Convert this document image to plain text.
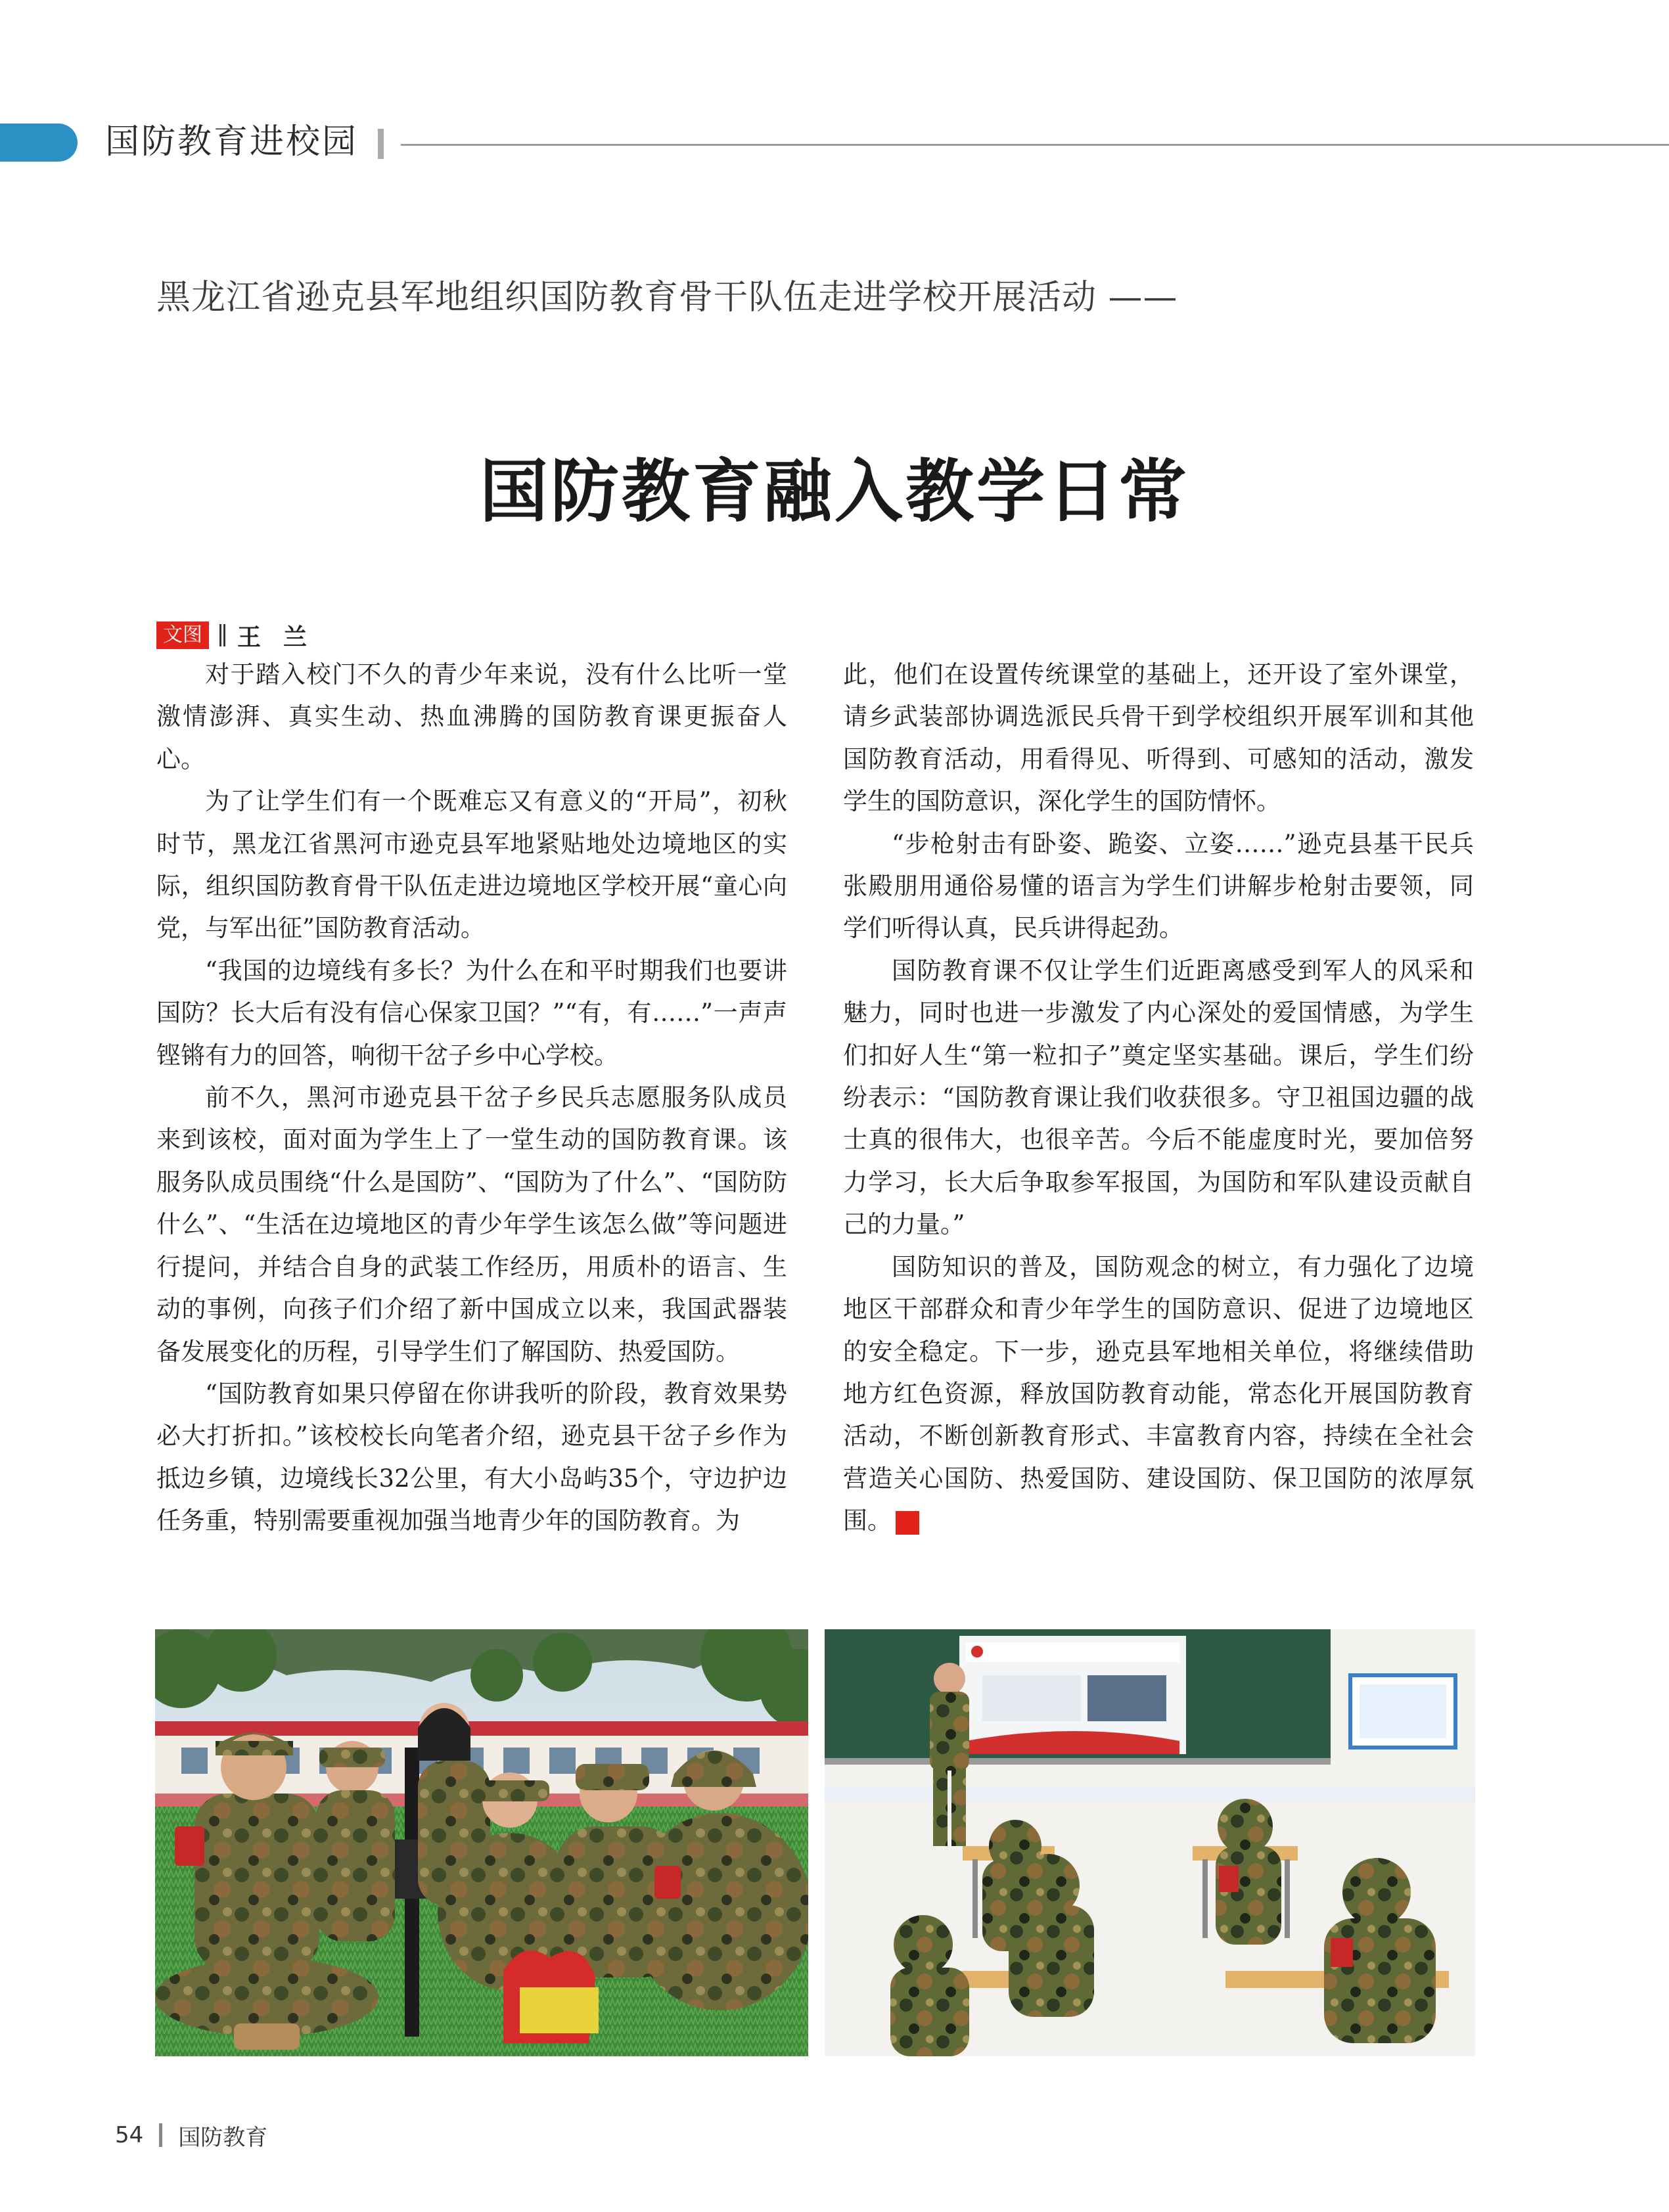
国防教育进校园
黑龙江省逊克县军地组织国防教育骨干队伍走进学校开展活动 ——
国防教育融入教学日常
文图 王兰

对于踏入校门不久的青少年来说，没有什么比听一堂激情澎湃、真实生动、热血沸腾的国防教育课更振奋人心。

为了让学生们有一个既难忘又有意义的“开局”，初秋时节，黑龙江省黑河市逊克县军地紧贴地处边境地区的实际，组织国防教育骨干队伍走进边境地区学校开展“童心向党，与军出征”国防教育活动。

“我国的边境线有多长？为什么在和平时期我们也要讲国防？长大后有没有信心保家卫国？”“有，有……”一声声铿锵有力的回答，响彻干岔子乡中心学校。

前不久，黑河市逊克县干岔子乡民兵志愿服务队成员来到该校，面对面为学生上了一堂生动的国防教育课。该服务队成员围绕“什么是国防”、“国防为了什么”、“国防防什么”、“生活在边境地区的青少年学生该怎么做”等问题进行提问，并结合自身的武装工作经历，用质朴的语言、生动的事例，向孩子们介绍了新中国成立以来，我国武器装备发展变化的历程，引导学生们了解国防、热爱国防。

“国防教育如果只停留在你讲我听的阶段，教育效果势必大打折扣。”该校校长向笔者介绍，逊克县干岔子乡作为抵边乡镇，边境线长32公里，有大小岛屿35个，守边护边任务重，特别需要重视加强当地青少年的国防教育。为

此，他们在设置传统课堂的基础上，还开设了室外课堂，请乡武装部协调选派民兵骨干到学校组织开展军训和其他国防教育活动，用看得见、听得到、可感知的活动，激发学生的国防意识，深化学生的国防情怀。

“步枪射击有卧姿、跪姿、立姿……”逊克县基干民兵张殿朋用通俗易懂的语言为学生们讲解步枪射击要领，同学们听得认真，民兵讲得起劲。

国防教育课不仅让学生们近距离感受到军人的风采和魅力，同时也进一步激发了内心深处的爱国情感，为学生们扣好人生“第一粒扣子”奠定坚实基础。课后，学生们纷纷表示：“国防教育课让我们收获很多。守卫祖国边疆的战士真的很伟大，也很辛苦。今后不能虚度时光，要加倍努力学习，长大后争取参军报国，为国防和军队建设贡献自己的力量。”

国防知识的普及，国防观念的树立，有力强化了边境地区干部群众和青少年学生的国防意识、促进了边境地区的安全稳定。下一步，逊克县军地相关单位，将继续借助地方红色资源，释放国防教育动能，常态化开展国防教育活动，不断创新教育形式、丰富教育内容，持续在全社会营造关心国防、热爱国防、建设国防、保卫国防的浓厚氛围。	G

54 国防教育
